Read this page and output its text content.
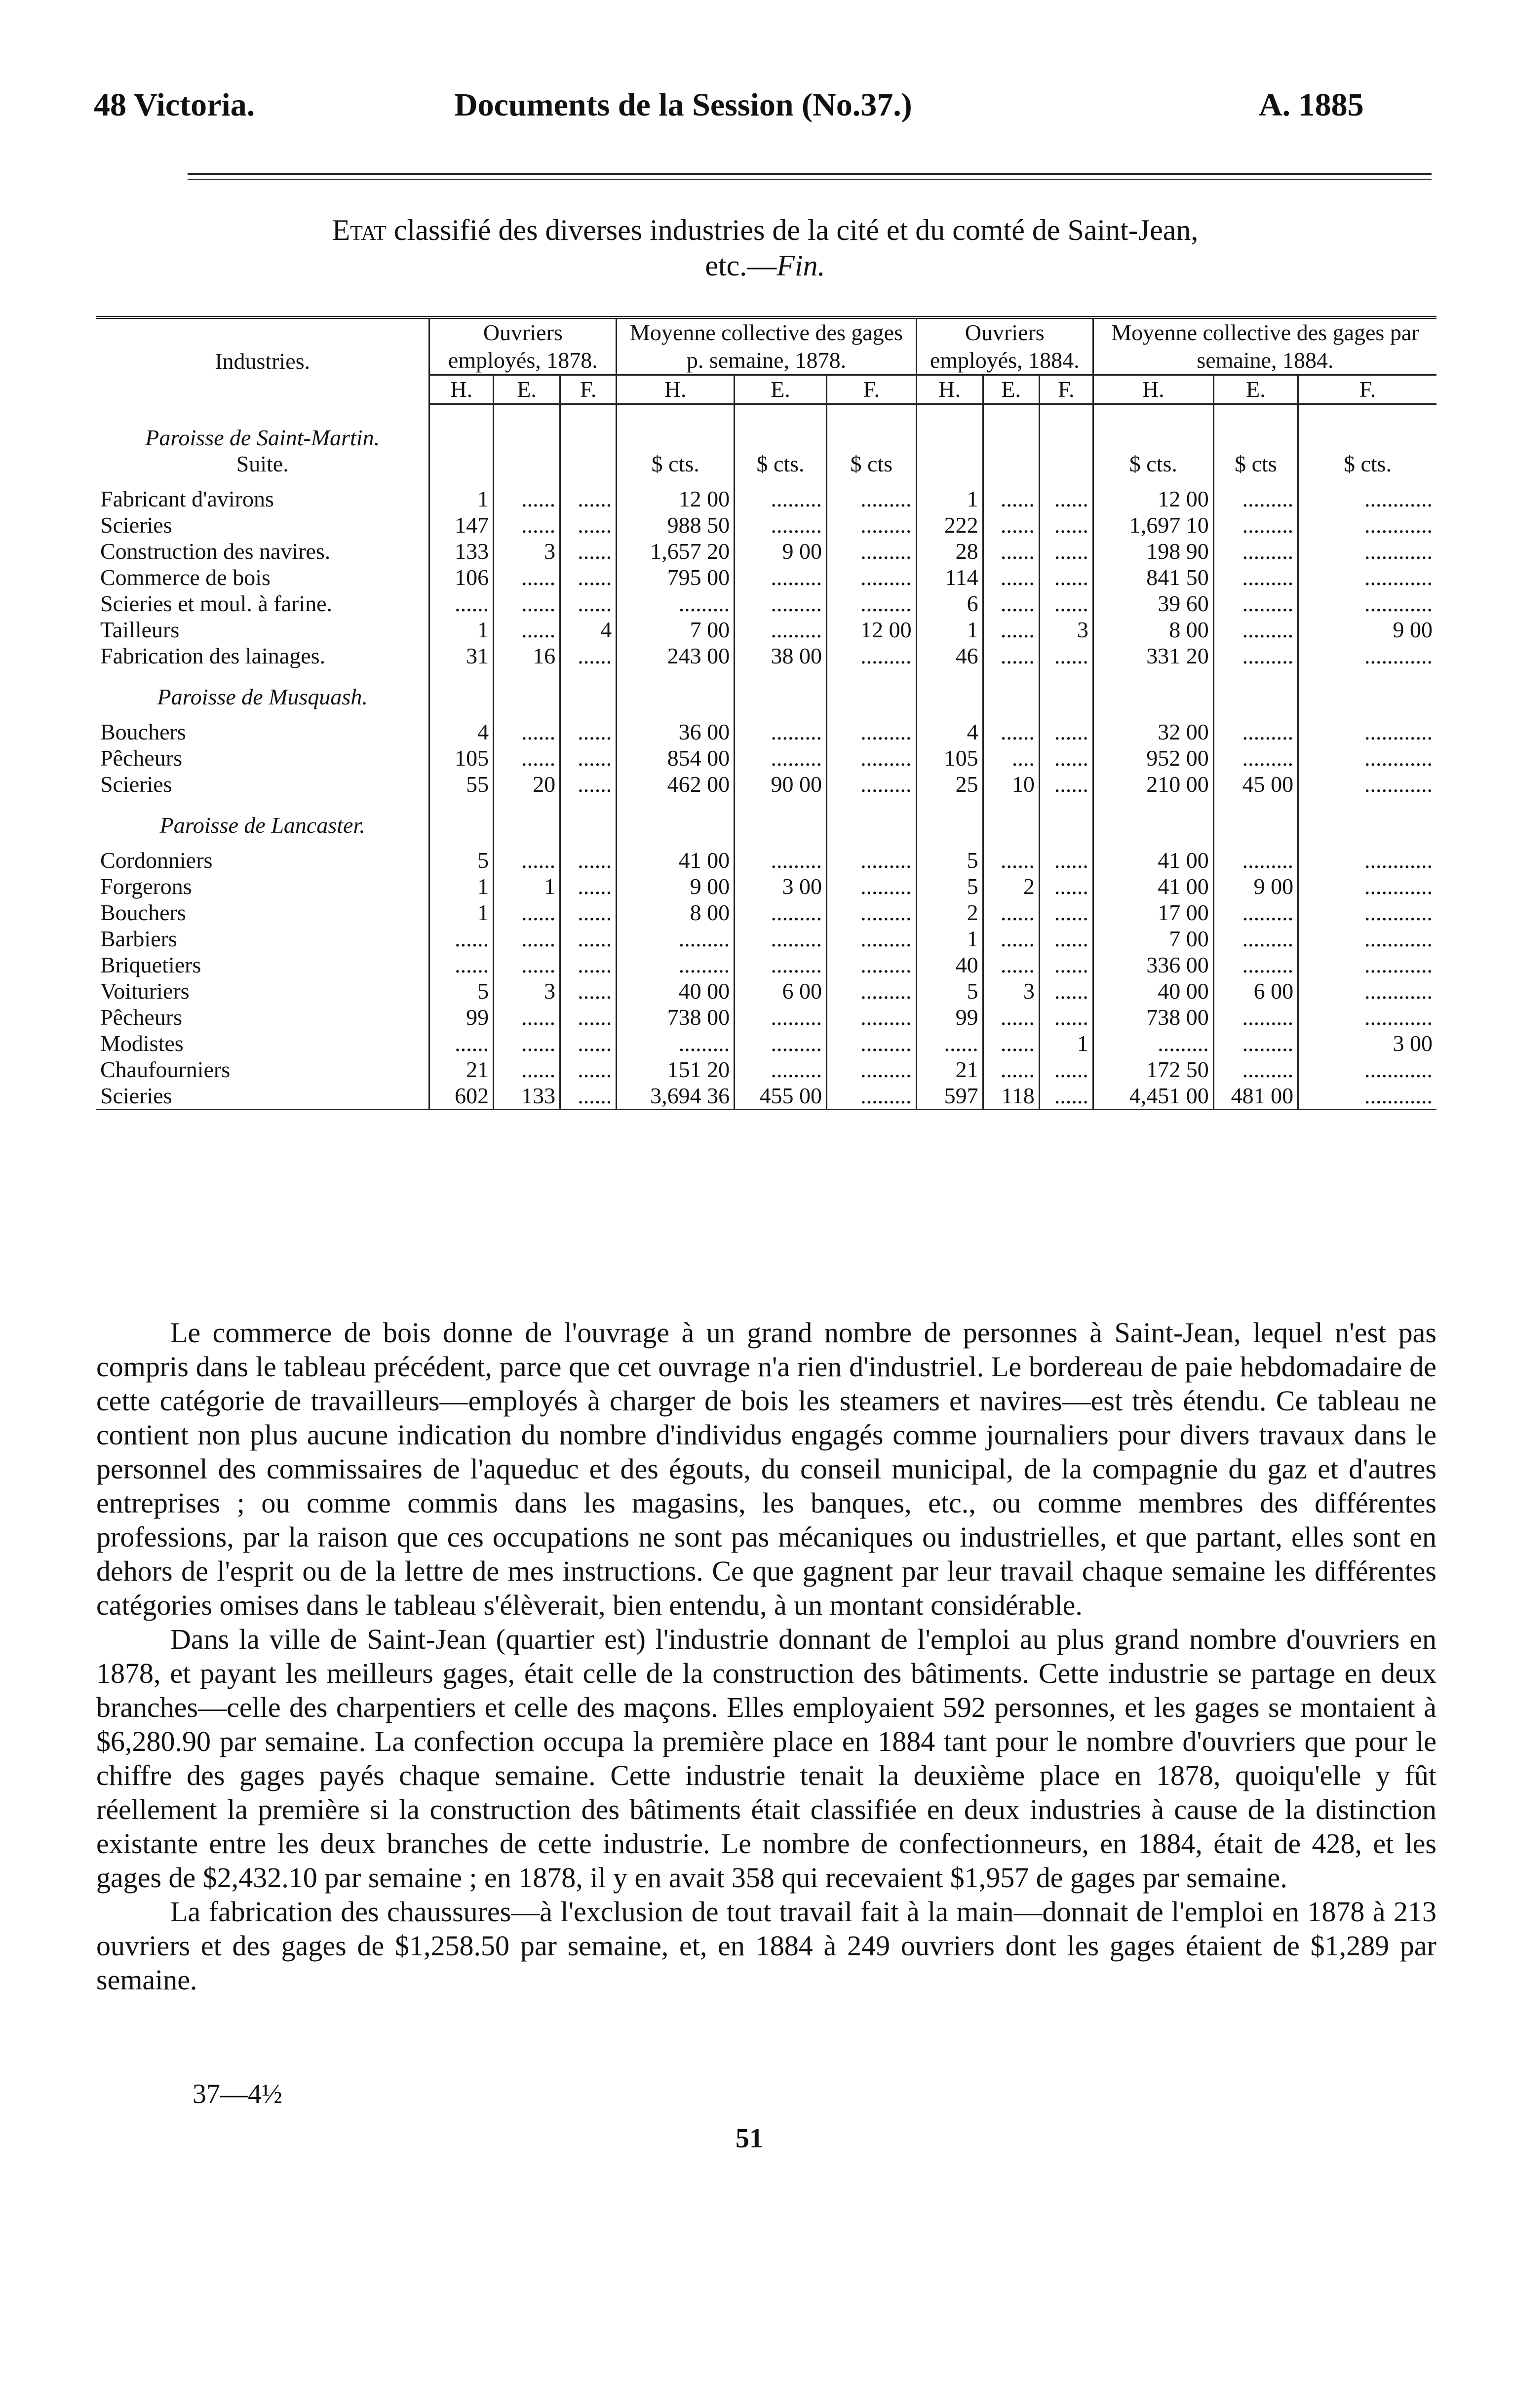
48 Victoria.	Documents de la Session (No.37.)	A. 1885
Etat classifié des diverses industries de la cité et du comté de Saint-Jean,
etc.—Fin.
Industries.	Ouvriers employés, 1878.			Moyenne collective des gages p. semaine, 1878.			Ouvriers employés, 1884.			Moyenne collective des gages par semaine, 1884.		
	H.	E.	F.	H.	E.	F.	H.	E.	F.	H.	E.	F.

Paroisse de Saint-Martin.												
Suite.				$ cts.	$ cts.	$ cts				$ cts.	$ cts	$ cts.

Fabricant d'avirons	1	......	......	12 00	.........	.........	1	......	......	12 00	.........	............
Scieries	147	......	......	988 50	.........	.........	222	......	......	1,697 10	.........	............
Construction des navires.	133	3	......	1,657 20	9 00	.........	28	......	......	198 90	.........	............
Commerce de bois	106	......	......	795 00	.........	.........	114	......	......	841 50	.........	............
Scieries et moul. à farine.	......	......	......	.........	.........	.........	6	......	......	39 60	.........	............
Tailleurs	1	......	4	7 00	.........	12 00	1	......	3	8 00	.........	9 00
Fabrication des lainages.	31	16	......	243 00	38 00	.........	46	......	......	331 20	.........	............

Paroisse de Musquash.												

Bouchers	4	......	......	36 00	.........	.........	4	......	......	32 00	.........	............
Pêcheurs	105	......	......	854 00	.........	.........	105	....	......	952 00	.........	............
Scieries	55	20	......	462 00	90 00	.........	25	10	......	210 00	45 00	............

Paroisse de Lancaster.												

Cordonniers	5	......	......	41 00	.........	.........	5	......	......	41 00	.........	............
Forgerons	1	1	......	9 00	3 00	.........	5	2	......	41 00	9 00	............
Bouchers	1	......	......	8 00	.........	.........	2	......	......	17 00	.........	............
Barbiers	......	......	......	.........	.........	.........	1	......	......	7 00	.........	............
Briquetiers	......	......	......	.........	.........	.........	40	......	......	336 00	.........	............
Voituriers	5	3	......	40 00	6 00	.........	5	3	......	40 00	6 00	............
Pêcheurs	99	......	......	738 00	.........	.........	99	......	......	738 00	.........	............
Modistes	......	......	......	.........	.........	.........	......	......	1	.........	.........	3 00
Chaufourniers	21	......	......	151 20	.........	.........	21	......	......	172 50	.........	............
Scieries	602	133	......	3,694 36	455 00	.........	597	118	......	4,451 00	481 00	............

Le commerce de bois donne de l'ouvrage à un grand nombre de personnes à Saint-Jean, lequel n'est pas compris dans le tableau précédent, parce que cet ouvrage n'a rien d'industriel. Le bordereau de paie hebdomadaire de cette catégorie de travailleurs—employés à charger de bois les steamers et navires—est très étendu. Ce tableau ne contient non plus aucune indication du nombre d'individus engagés comme journaliers pour divers travaux dans le personnel des commissaires de l'aqueduc et des égouts, du conseil municipal, de la compagnie du gaz et d'autres entreprises ; ou comme commis dans les magasins, les banques, etc., ou comme membres des différentes professions, par la raison que ces occupations ne sont pas mécaniques ou industrielles, et que partant, elles sont en dehors de l'esprit ou de la lettre de mes instructions. Ce que gagnent par leur travail chaque semaine les différentes catégories omises dans le tableau s'élèverait, bien entendu, à un montant considérable.

Dans la ville de Saint-Jean (quartier est) l'industrie donnant de l'emploi au plus grand nombre d'ouvriers en 1878, et payant les meilleurs gages, était celle de la construction des bâtiments. Cette industrie se partage en deux branches—celle des charpentiers et celle des maçons. Elles employaient 592 personnes, et les gages se montaient à $6,280.90 par semaine. La confection occupa la première place en 1884 tant pour le nombre d'ouvriers que pour le chiffre des gages payés chaque semaine. Cette industrie tenait la deuxième place en 1878, quoiqu'elle y fût réellement la première si la construction des bâtiments était classifiée en deux industries à cause de la distinction existante entre les deux branches de cette industrie. Le nombre de confectionneurs, en 1884, était de 428, et les gages de $2,432.10 par semaine ; en 1878, il y en avait 358 qui recevaient $1,957 de gages par semaine.

La fabrication des chaussures—à l'exclusion de tout travail fait à la main—donnait de l'emploi en 1878 à 213 ouvriers et des gages de $1,258.50 par semaine, et, en 1884 à 249 ouvriers dont les gages étaient de $1,289 par semaine.

37—4½
51
